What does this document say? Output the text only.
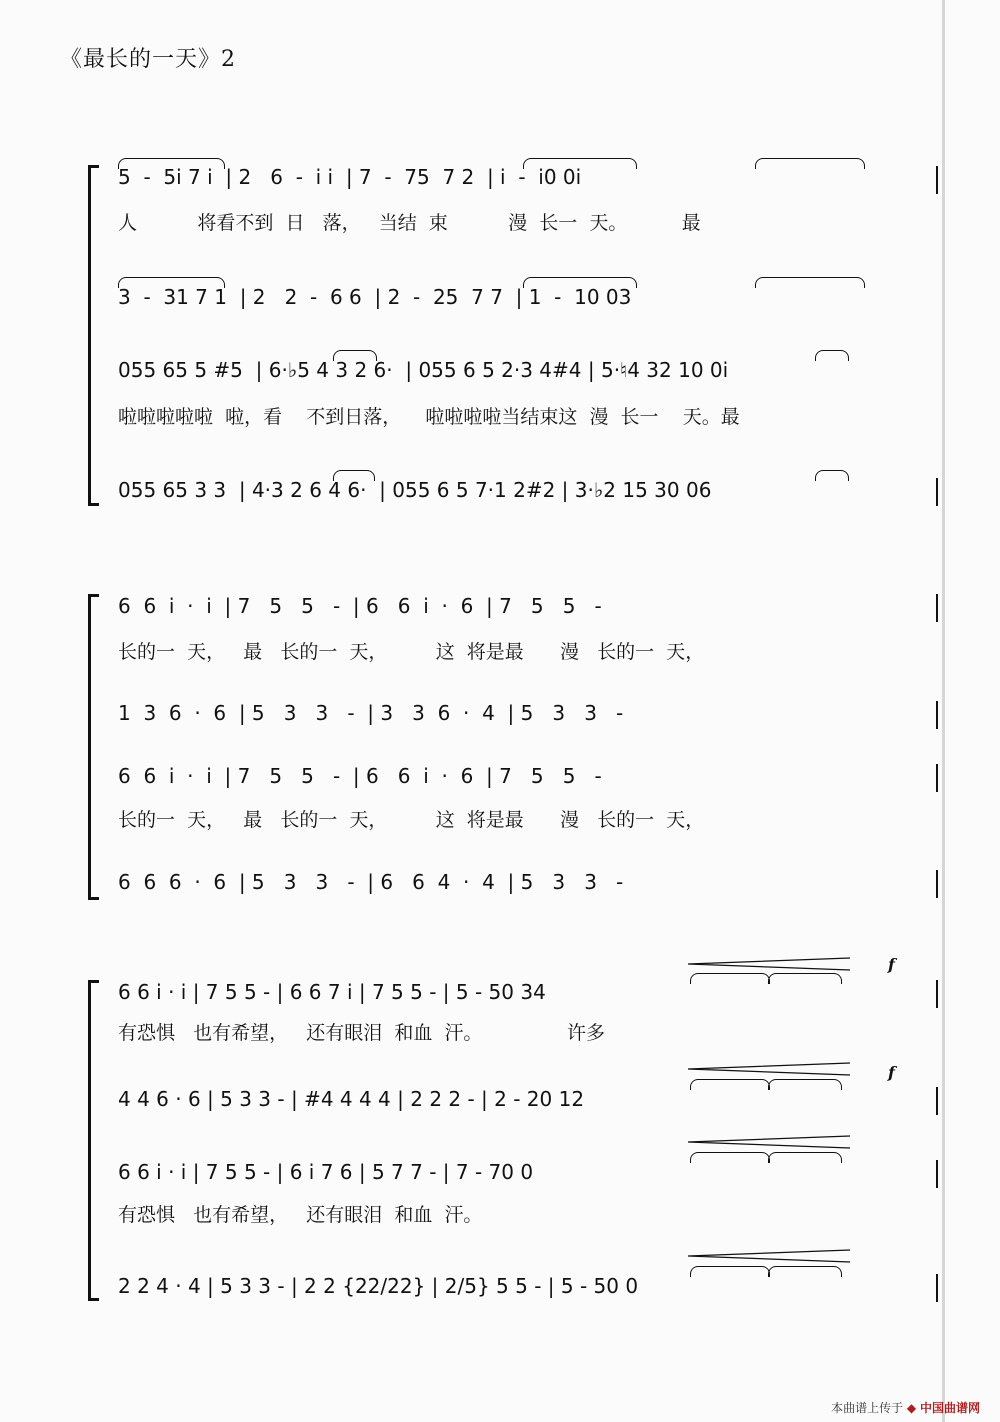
《最长的一天》2
5  -  5i 7 i  | 2   6  -  i i  | 7  -  75  7 2  | i  -  i0 0i
人          将看不到  日   落，   当结  束          漫  长一  天。         最
3  -  31 7 1  | 2   2  -  6 6  | 2  -  25  7 7  | 1  -  10 03
055 65 5 #5  | 6·♭5 4 3 2 6·  | 055 6 5 2·3 4#4 | 5·♮4 32 10 0i
啦啦啦啦啦  啦，看    不到日落，    啦啦啦啦当结束这  漫  长一    天。最
055 65 3 3  | 4·3 2 6 4 6·  | 055 6 5 7·1 2#2 | 3·♭2 15 30 06
6  6  i  ·  i  | 7   5   5   -  | 6   6  i  ·  6  | 7   5   5   -
长的一  天，   最   长的一  天，        这  将是最      漫   长的一  天，
1  3  6  ·  6  | 5   3   3   -  | 3   3  6  ·  4  | 5   3   3   -
6  6  i  ·  i  | 7   5   5   -  | 6   6  i  ·  6  | 7   5   5   -
长的一  天，   最   长的一  天，        这  将是最      漫   长的一  天，
6  6  6  ·  6  | 5   3   3   -  | 6   6  4  ·  4  | 5   3   3   -
6 6 i · i | 7 5 5 - | 6 6 7 i | 7 5 5 - | 5 - 50 34
有恐惧   也有希望，   还有眼泪  和血  汗。              许多
4 4 6 · 6 | 5 3 3 - | #4 4 4 4 | 2 2 2 - | 2 - 20 12
6 6 i · i | 7 5 5 - | 6 i 7 6 | 5 7 7 - | 7 - 70 0
有恐惧   也有希望，   还有眼泪  和血  汗。
2 2 4 · 4 | 5 3 3 - | 2 2 {22/22} | 2/5} 5 5 - | 5 - 50 0
f
f
本曲谱上传于 ◆ 中国曲谱网
